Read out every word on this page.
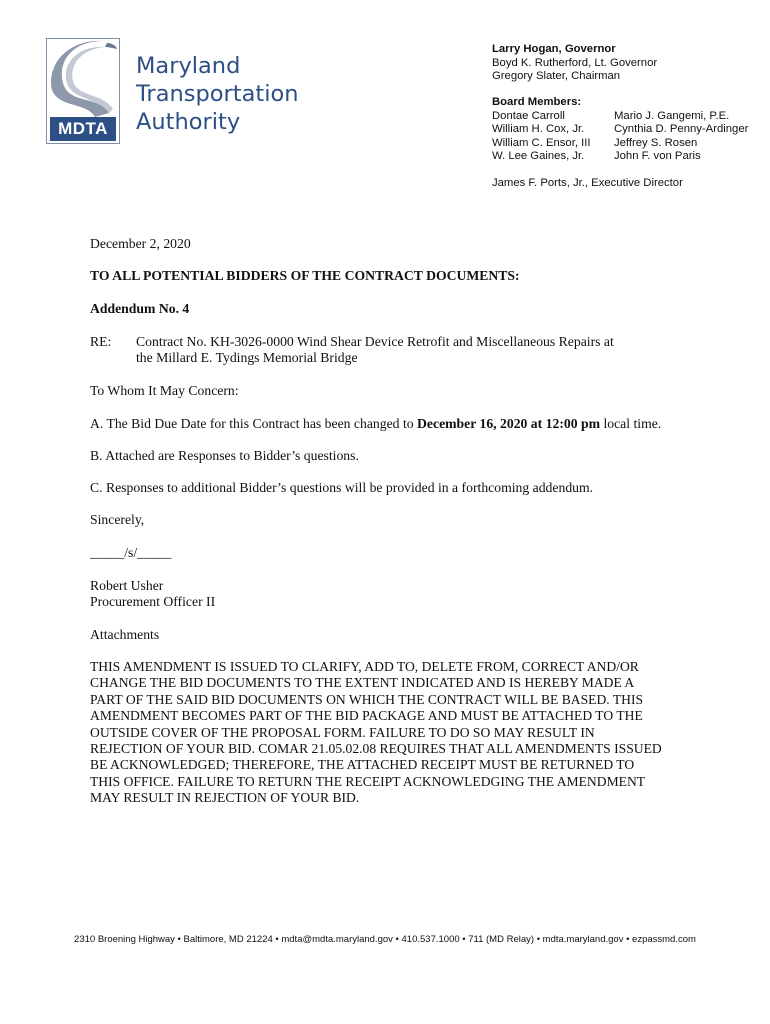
MDTA
Maryland
Transportation
Authority
Larry Hogan, Governor
Boyd K. Rutherford, Lt. Governor
Gregory Slater, Chairman
Board Members:
Dontae Carroll
William H. Cox, Jr.
William C. Ensor, III
W. Lee Gaines, Jr.
Mario J. Gangemi, P.E.
Cynthia D. Penny-Ardinger
Jeffrey S. Rosen
John F. von Paris
James F. Ports, Jr., Executive Director
December 2, 2020
TO ALL POTENTIAL BIDDERS OF THE CONTRACT DOCUMENTS:
Addendum No. 4
RE: Contract No. KH-3026-0000 Wind Shear Device Retrofit and Miscellaneous Repairs at
the Millard E. Tydings Memorial Bridge
To Whom It May Concern:
A. The Bid Due Date for this Contract has been changed to December 16, 2020 at 12:00 pm local time.
B. Attached are Responses to Bidder’s questions.
C. Responses to additional Bidder’s questions will be provided in a forthcoming addendum.
Sincerely,
_____/s/_____
Robert Usher
Procurement Officer II
Attachments
THIS AMENDMENT IS ISSUED TO CLARIFY, ADD TO, DELETE FROM, CORRECT AND/OR
CHANGE THE BID DOCUMENTS TO THE EXTENT INDICATED AND IS HEREBY MADE A
PART OF THE SAID BID DOCUMENTS ON WHICH THE CONTRACT WILL BE BASED. THIS
AMENDMENT BECOMES PART OF THE BID PACKAGE AND MUST BE ATTACHED TO THE
OUTSIDE COVER OF THE PROPOSAL FORM. FAILURE TO DO SO MAY RESULT IN
REJECTION OF YOUR BID. COMAR 21.05.02.08 REQUIRES THAT ALL AMENDMENTS ISSUED
BE ACKNOWLEDGED; THEREFORE, THE ATTACHED RECEIPT MUST BE RETURNED TO
THIS OFFICE. FAILURE TO RETURN THE RECEIPT ACKNOWLEDGING THE AMENDMENT
MAY RESULT IN REJECTION OF YOUR BID.
2310 Broening Highway • Baltimore, MD 21224 • mdta@mdta.maryland.gov • 410.537.1000 • 711 (MD Relay) • mdta.maryland.gov • ezpassmd.com
